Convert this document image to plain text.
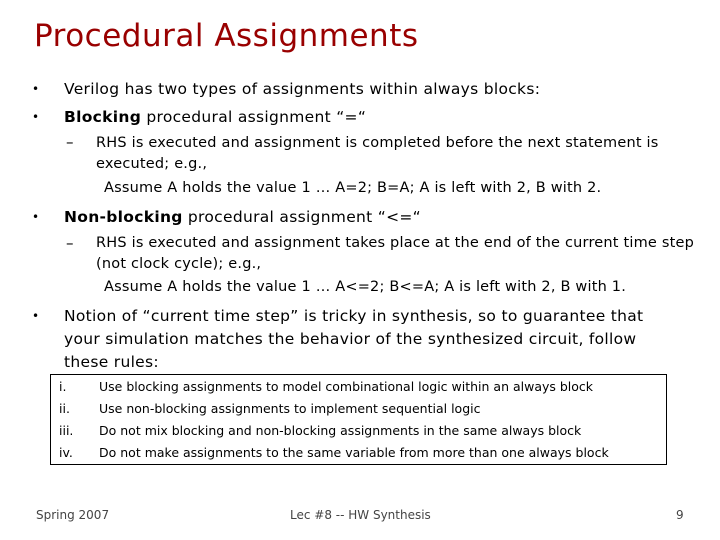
Procedural Assignments
• Verilog has two types of assignments within always blocks:
• Blocking procedural assignment “=“
– RHS is executed and assignment is completed before the next statement is
executed; e.g.,
Assume A holds the value 1 … A=2; B=A; A is left with 2, B with 2.
• Non-blocking procedural assignment “<=“
– RHS is executed and assignment takes place at the end of the current time step
(not clock cycle); e.g.,
Assume A holds the value 1 … A<=2; B<=A; A is left with 2, B with 1.
• Notion of “current time step” is tricky in synthesis, so to guarantee that
your simulation matches the behavior of the synthesized circuit, follow
these rules:
i.	Use blocking assignments to model combinational logic within an always block
ii. Use non-blocking assignments to implement sequential logic
iii. Do not mix blocking and non-blocking assignments in the same always block
iv. Do not make assignments to the same variable from more than one always block
Spring 2007	Lec #8 -- HW Synthesis	9
